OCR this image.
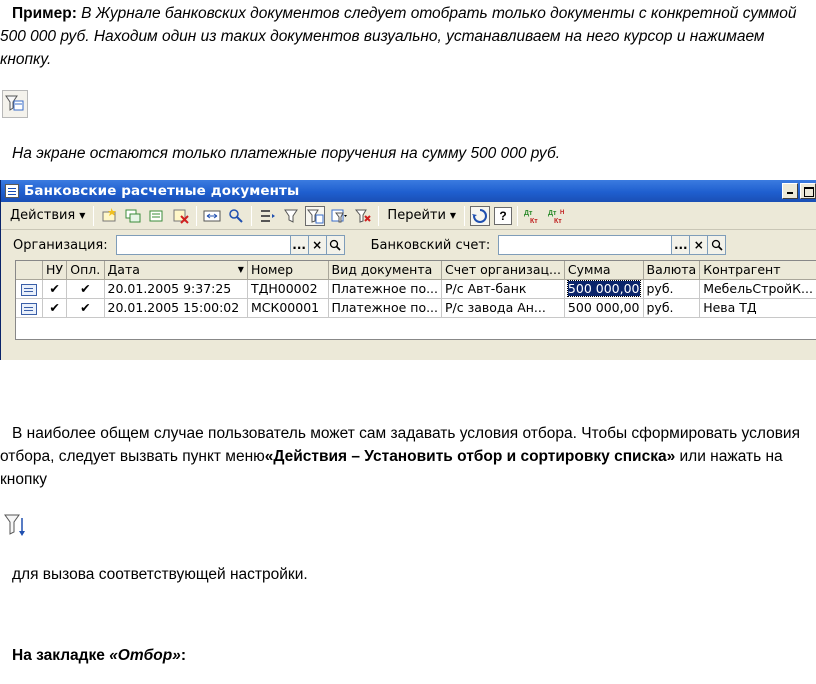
Пример: В Журнале банковских документов следует отобрать только документы с конкретной суммой 500 000 руб. Находим один из таких документов визуально, устанавливаем на него курсор и нажимаем кнопку.
На экране остаются только платежные поручения на сумму 500 000 руб.
Банковские расчетные документы
Действия ▼	Перейти ▼	?	Дт
Кт
Дт Н
Кт
Организация:	... ×	Банковский счет:	... ×
	НУ	Опл.	Дата ▼	Номер	Вид документа	Счет организац...	Сумма	Валюта	Контрагент
	✔	✔	20.01.2005 9:37:25	ТДН00002	Платежное по...	Р/с Авт-банк	500 000,00	руб.	МебельСтройК...
	✔	✔	20.01.2005 15:00:02	МСК00001	Платежное по...	Р/с завода Ан...	500 000,00	руб.	Нева ТД
В наиболее общем случае пользователь может сам задавать условия отбора. Чтобы сформировать условия отбора, следует вызвать пункт меню«Действия – Установить отбор и сортировку списка» или нажать на кнопку
для вызова соответствующей настройки.
На закладке «Отбор»:
